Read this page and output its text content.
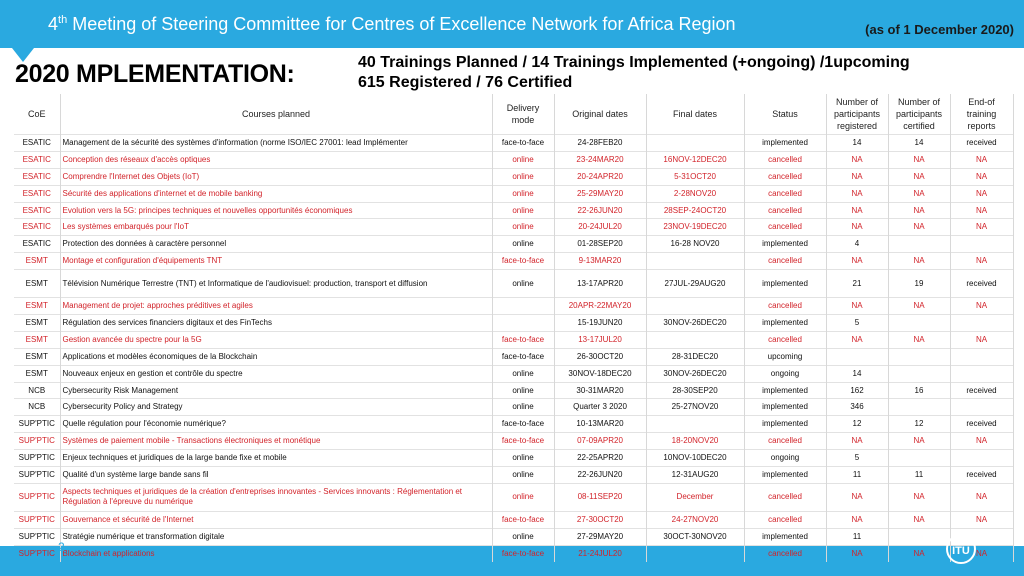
4th Meeting of Steering Committee for Centres of Excellence Network for Africa Region	(as of 1 December 2020)
2020 MPLEMENTATION:	40 Trainings Planned / 14 Trainings Implemented (+ongoing) /1upcoming
615 Registered / 76 Certified
CoE	Courses planned	Delivery mode	Original dates	Final dates	Status	Number of participants registered	Number of participants certified	End-of training reports
ESATIC	Management de la sécurité des systèmes d'information (norme ISO/IEC 27001: lead Implémenter	face-to-face	24-28FEB20		implemented	14	14	received
ESATIC	Conception des réseaux d'accès optiques	online	23-24MAR20	16NOV-12DEC20	cancelled	NA	NA	NA
ESATIC	Comprendre l'Internet des Objets (IoT)	online	20-24APR20	5-31OCT20	cancelled	NA	NA	NA
ESATIC	Sécurité des applications d'internet et de mobile banking	online	25-29MAY20	2-28NOV20	cancelled	NA	NA	NA
ESATIC	Evolution vers la 5G: principes techniques et nouvelles opportunités économiques	online	22-26JUN20	28SEP-24OCT20	cancelled	NA	NA	NA
ESATIC	Les systèmes embarqués pour l'IoT	online	20-24JUL20	23NOV-19DEC20	cancelled	NA	NA	NA
ESATIC	Protection des données à caractère personnel	online	01-28SEP20	16-28 NOV20	implemented	4		
ESMT	Montage et configuration d'équipements TNT	face-to-face	9-13MAR20		cancelled	NA	NA	NA
ESMT	Télévision Numérique Terrestre (TNT) et Informatique de l'audiovisuel: production, transport et diffusion	online	13-17APR20	27JUL-29AUG20	implemented	21	19	received
ESMT	Management de projet: approches préditives et agiles		20APR-22MAY20		cancelled	NA	NA	NA
ESMT	Régulation des services financiers digitaux et des FinTechs		15-19JUN20	30NOV-26DEC20	implemented	5		
ESMT	Gestion avancée du spectre pour la 5G	face-to-face	13-17JUL20		cancelled	NA	NA	NA
ESMT	Applications et modèles économiques de la Blockchain	face-to-face	26-30OCT20	28-31DEC20	upcoming			
ESMT	Nouveaux enjeux en gestion et contrôle du spectre	online	30NOV-18DEC20	30NOV-26DEC20	ongoing	14		
NCB	Cybersecurity Risk Management	online	30-31MAR20	28-30SEP20	implemented	162	16	received
NCB	Cybersecurity Policy and Strategy	online	Quarter 3 2020	25-27NOV20	implemented	346		
SUP'PTIC	Quelle régulation pour l'économie numérique?	face-to-face	10-13MAR20		implemented	12	12	received
SUP'PTIC	Systèmes de paiement mobile - Transactions électroniques et monétique	face-to-face	07-09APR20	18-20NOV20	cancelled	NA	NA	NA
SUP'PTIC	Enjeux techniques et juridiques de la large bande fixe et mobile	online	22-25APR20	10NOV-10DEC20	ongoing	5		
SUP'PTIC	Qualité d'un système large bande sans fil	online	22-26JUN20	12-31AUG20	implemented	11	11	received
SUP'PTIC	Aspects techniques et juridiques de la création d'entreprises innovantes - Services innovants : Réglementation et Régulation à l'épreuve du numérique	online	08-11SEP20	December	cancelled	NA	NA	NA
SUP'PTIC	Gouvernance et sécurité de l'Internet	face-to-face	27-30OCT20	24-27NOV20	cancelled	NA	NA	NA
SUP'PTIC	Stratégie numérique et transformation digitale	online	27-29MAY20	30OCT-30NOV20	implemented	11		
SUP'PTIC	Blockchain et applications	face-to-face	21-24JUL20		cancelled	NA	NA	NA
2	ITU
